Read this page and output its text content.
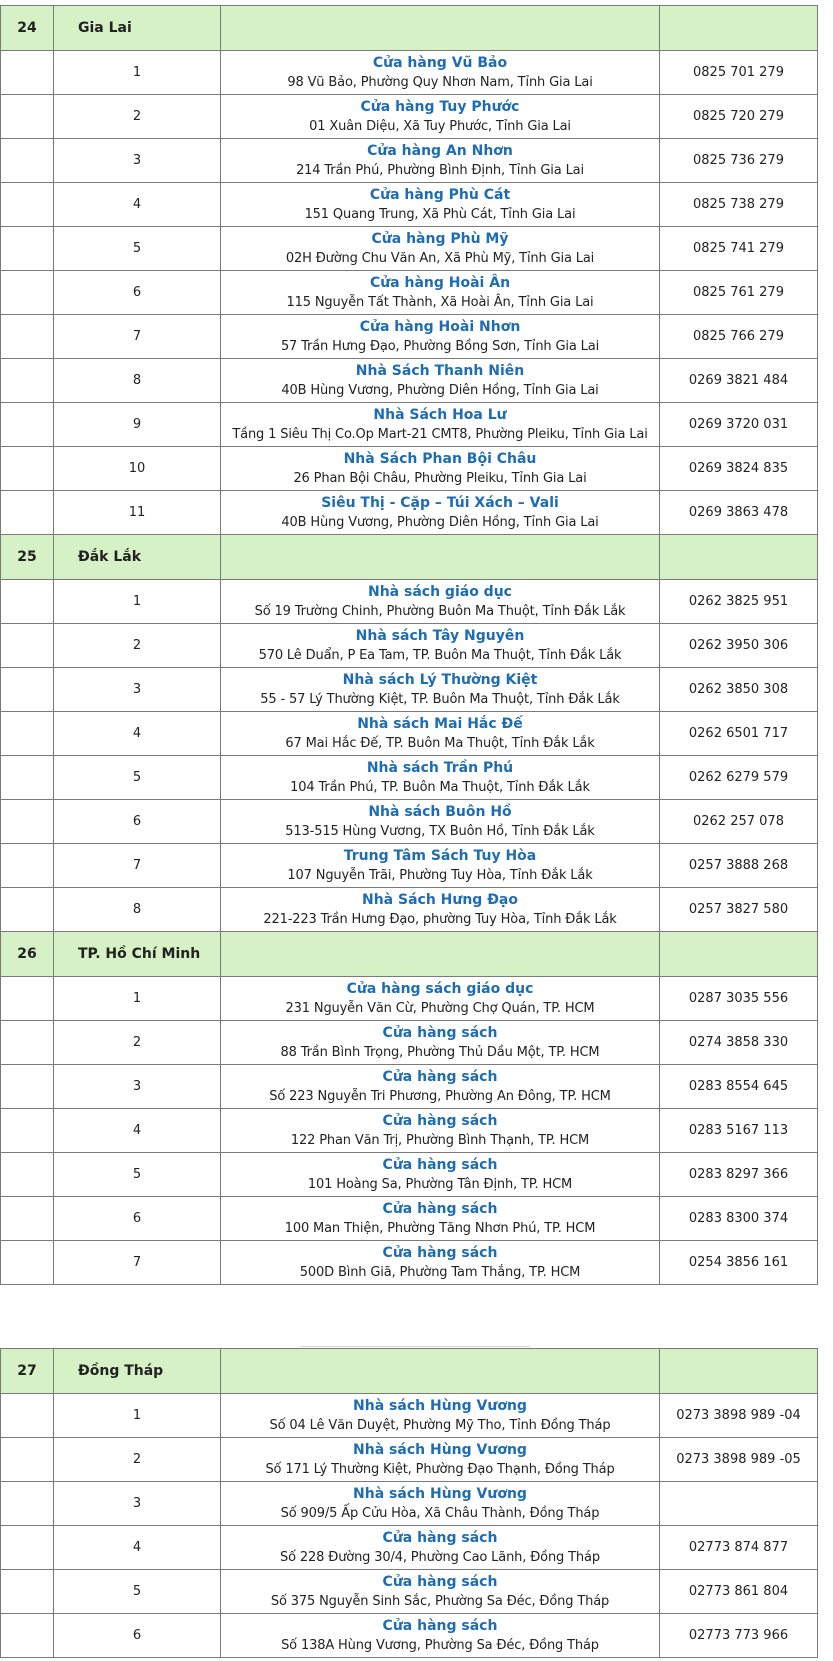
24	Gia Lai		
	1	Cửa hàng Vũ Bảo
98 Vũ Bảo, Phường Quy Nhơn Nam, Tỉnh Gia Lai	0825 701 279
	2	Cửa hàng Tuy Phước
01 Xuân Diệu, Xã Tuy Phước, Tỉnh Gia Lai	0825 720 279
	3	Cửa hàng An Nhơn
214 Trần Phú, Phường Bình Định, Tỉnh Gia Lai	0825 736 279
	4	Cửa hàng Phù Cát
151 Quang Trung, Xã Phù Cát, Tỉnh Gia Lai	0825 738 279
	5	Cửa hàng Phù Mỹ
02H Đường Chu Văn An, Xã Phù Mỹ, Tỉnh Gia Lai	0825 741 279
	6	Cửa hàng Hoài Ân
115 Nguyễn Tất Thành, Xã Hoài Ân, Tỉnh Gia Lai	0825 761 279
	7	Cửa hàng Hoài Nhơn
57 Trần Hưng Đạo, Phường Bồng Sơn, Tỉnh Gia Lai	0825 766 279
	8	Nhà Sách Thanh Niên
40B Hùng Vương, Phường Diên Hồng, Tỉnh Gia Lai	0269 3821 484
	9	Nhà Sách Hoa Lư
Tầng 1 Siêu Thị Co.Op Mart-21 CMT8, Phường Pleiku, Tỉnh Gia Lai	0269 3720 031
	10	Nhà Sách Phan Bội Châu
26 Phan Bội Châu, Phường Pleiku, Tỉnh Gia Lai	0269 3824 835
	11	Siêu Thị - Cặp – Túi Xách – Vali
40B Hùng Vương, Phường Diên Hồng, Tỉnh Gia Lai	0269 3863 478
25	Đắk Lắk		
	1	Nhà sách giáo dục
Số 19 Trường Chinh, Phường Buôn Ma Thuột, Tỉnh Đắk Lắk	0262 3825 951
	2	Nhà sách Tây Nguyên
570 Lê Duẩn, P Ea Tam, TP. Buôn Ma Thuột, Tỉnh Đắk Lắk	0262 3950 306
	3	Nhà sách Lý Thường Kiệt
55 - 57 Lý Thường Kiệt, TP. Buôn Ma Thuột, Tỉnh Đắk Lắk	0262 3850 308
	4	Nhà sách Mai Hắc Đế
67 Mai Hắc Đế, TP. Buôn Ma Thuột, Tỉnh Đắk Lắk	0262 6501 717
	5	Nhà sách Trần Phú
104 Trần Phú, TP. Buôn Ma Thuột, Tỉnh Đắk Lắk	0262 6279 579
	6	Nhà sách Buôn Hồ
513-515 Hùng Vương, TX Buôn Hồ, Tỉnh Đắk Lắk	0262 257 078
	7	Trung Tâm Sách Tuy Hòa
107 Nguyễn Trãi, Phường Tuy Hòa, Tỉnh Đắk Lắk	0257 3888 268
	8	Nhà Sách Hưng Đạo
221-223 Trần Hưng Đạo, phường Tuy Hòa, Tỉnh Đắk Lắk	0257 3827 580
26	TP. Hồ Chí Minh		
	1	Cửa hàng sách giáo dục
231 Nguyễn Văn Cừ, Phường Chợ Quán, TP. HCM	0287 3035 556
	2	Cửa hàng sách
88 Trần Bình Trọng, Phường Thủ Dầu Một, TP. HCM	0274 3858 330
	3	Cửa hàng sách
Số 223 Nguyễn Tri Phương, Phường An Đông, TP. HCM	0283 8554 645
	4	Cửa hàng sách
122 Phan Văn Trị, Phường Bình Thạnh, TP. HCM	0283 5167 113
	5	Cửa hàng sách
101 Hoàng Sa, Phường Tân Định, TP. HCM	0283 8297 366
	6	Cửa hàng sách
100 Man Thiện, Phường Tăng Nhơn Phú, TP. HCM	0283 8300 374
	7	Cửa hàng sách
500D Bình Giã, Phường Tam Thắng, TP. HCM	0254 3856 161
27	Đồng Tháp		
	1	Nhà sách Hùng Vương
Số 04 Lê Văn Duyệt, Phường Mỹ Tho, Tỉnh Đồng Tháp	0273 3898 989 -04
	2	Nhà sách Hùng Vương
Số 171 Lý Thường Kiệt, Phường Đạo Thạnh, Đồng Tháp	0273 3898 989 -05
	3	Nhà sách Hùng Vương
Số 909/5 Ấp Cửu Hòa, Xã Châu Thành, Đồng Tháp	

	4	Cửa hàng sách
Số 228 Đường 30/4, Phường Cao Lãnh, Đồng Tháp	02773 874 877
	5	Cửa hàng sách
Số 375 Nguyễn Sinh Sắc, Phường Sa Đéc, Đồng Tháp	02773 861 804
	6	Cửa hàng sách
Số 138A Hùng Vương, Phường Sa Đéc, Đồng Tháp	02773 773 966
